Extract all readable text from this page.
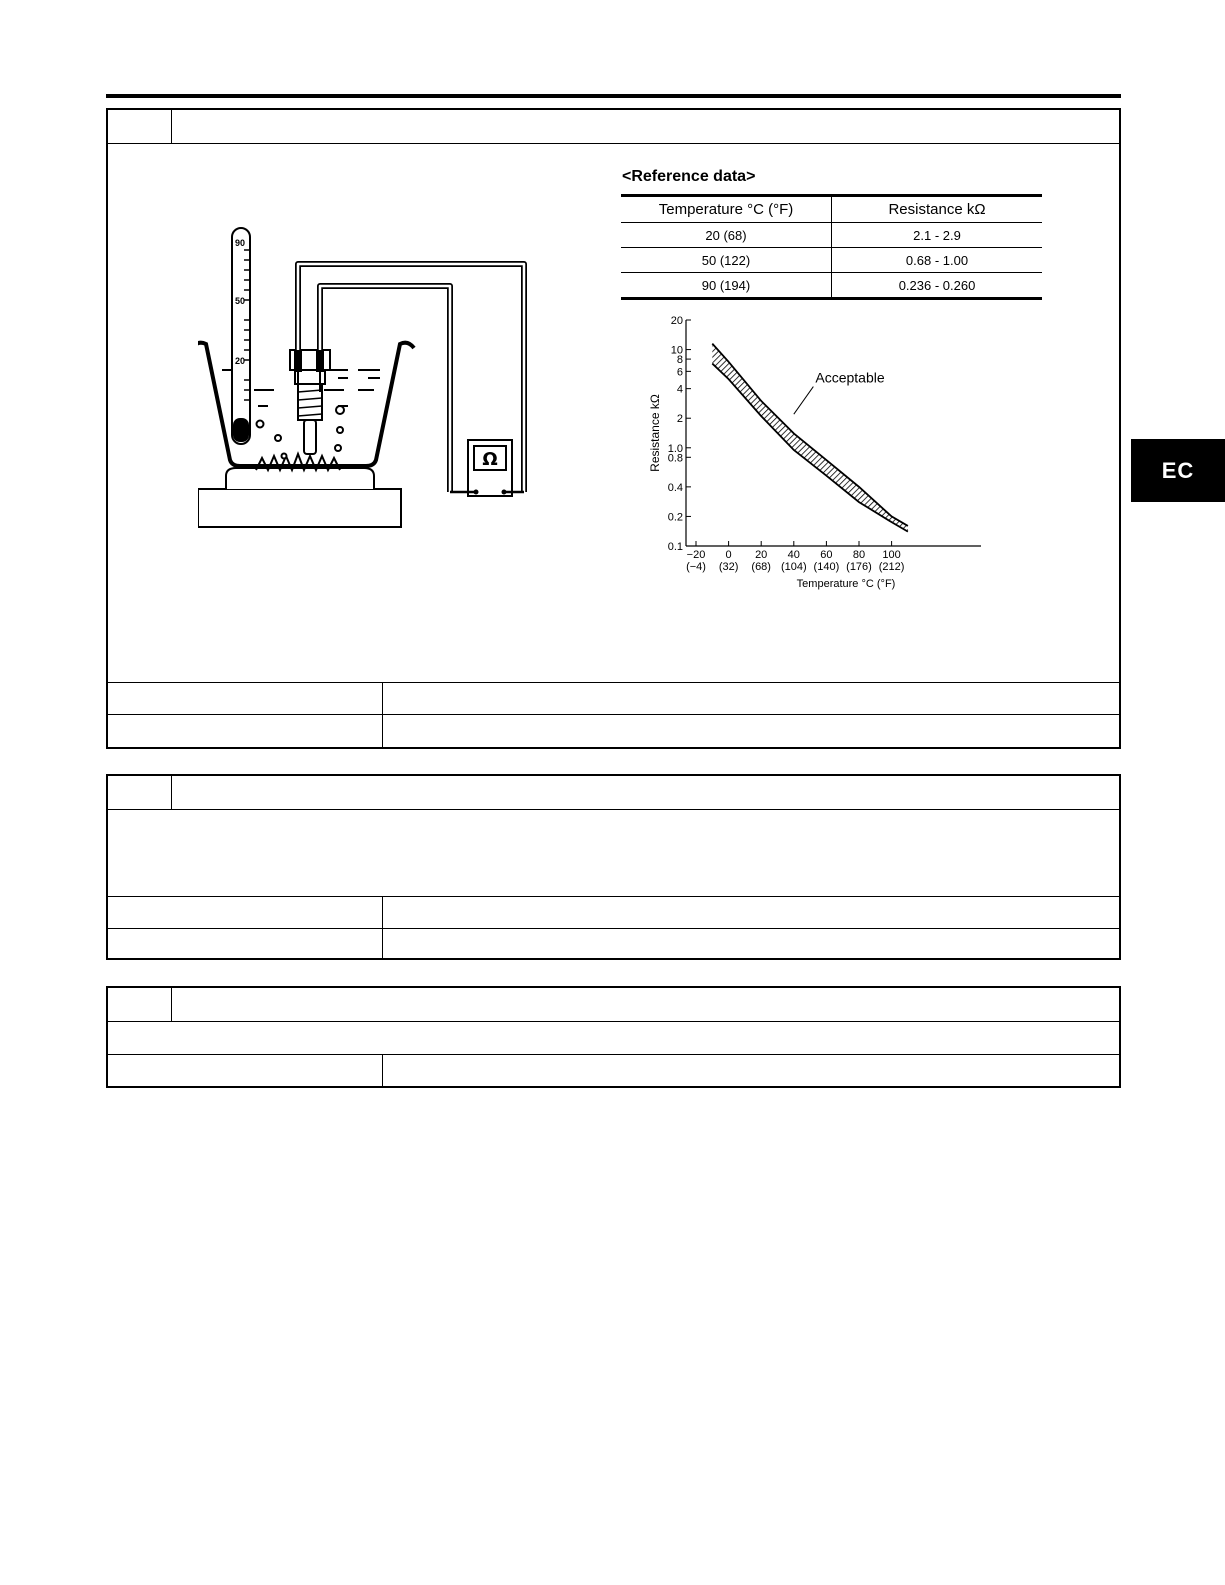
90
50
20
Ω
<Reference data>
Temperature °C (°F)	Resistance kΩ
20 (68)	2.1 - 2.9
50 (122)	0.68 - 1.00
90 (194)	0.236 - 0.260
20
10
8
6
4
2
1.0
0.8
0.4
0.2
0.1
−20
(−4)
0
(32)
20
(68)
40
(104)
60
(140)
80
(176)
100
(212)
Temperature °C (°F)
Resistance kΩ
Acceptable
EC
